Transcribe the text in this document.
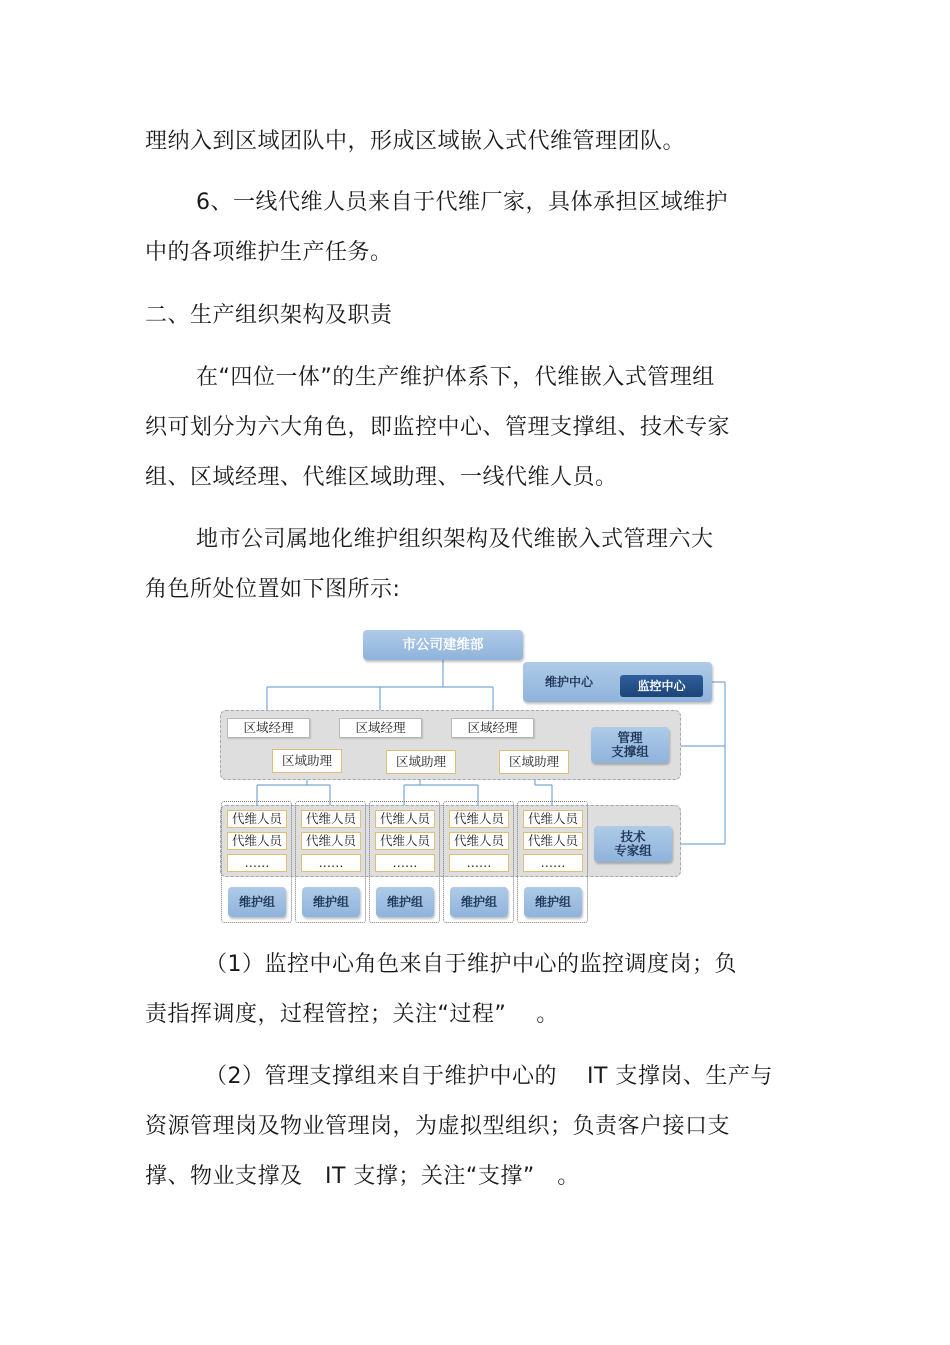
理纳入到区域团队中，形成区域嵌入式代维管理团队。
6、一线代维人员来自于代维厂家，具体承担区域维护
中的各项维护生产任务。
二、生产组织架构及职责
在“四位一体”的生产维护体系下，代维嵌入式管理组
织可划分为六大角色，即监控中心、管理支撑组、技术专家
组、区域经理、代维区域助理、一线代维人员。
地市公司属地化维护组织架构及代维嵌入式管理六大
角色所处位置如下图所示:
市公司建维部
维护中心	监控中心
区域经理	区域经理	区域经理
区域助理	区域助理	区域助理
管理
支撑组
代维人员
代维人员
……
维护组
代维人员
代维人员
……
维护组
代维人员
代维人员
……
维护组
代维人员
代维人员
……
维护组
代维人员
代维人员
……
维护组
技术
专家组
（1）监控中心角色来自于维护中心的监控调度岗；负
责指挥调度，过程管控；关注“过程”　 。
（2）管理支撑组来自于维护中心的　 IT 支撑岗、生产与
资源管理岗及物业管理岗，为虚拟型组织；负责客户接口支
撑、物业支撑及　IT 支撑；关注“支撑”　。
